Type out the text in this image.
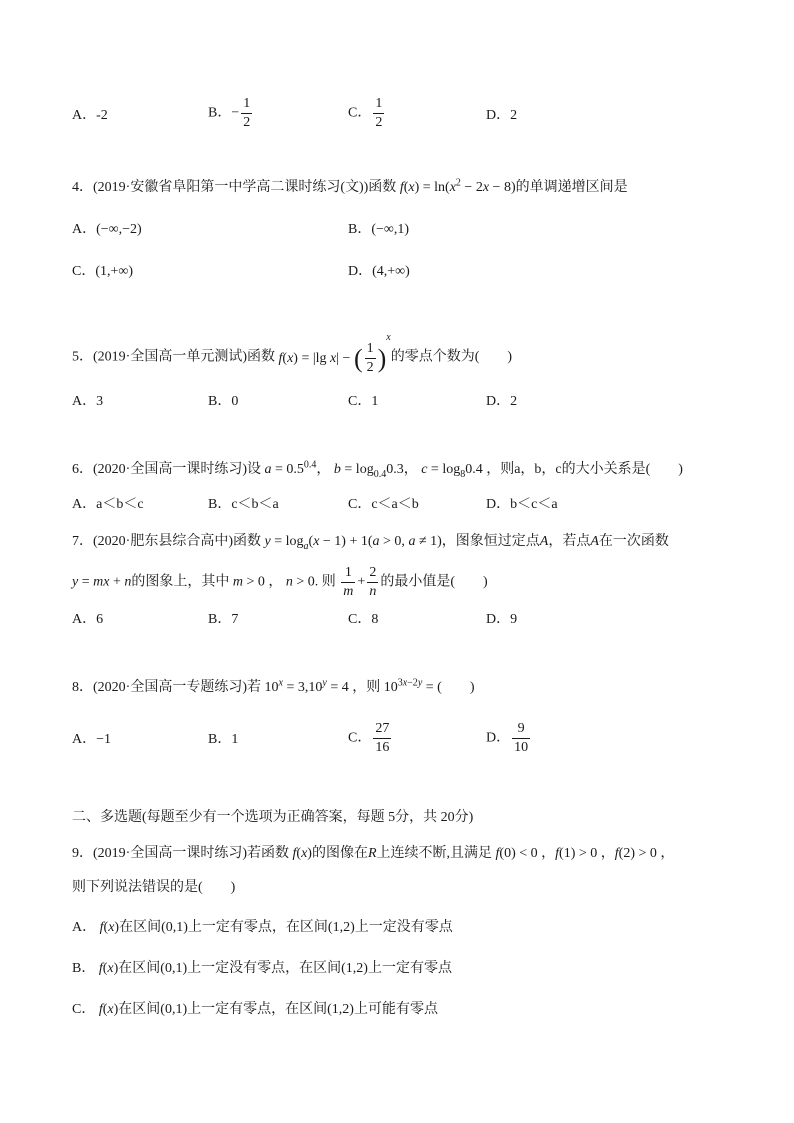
A．-2	B．− $\frac{1}{2}$	C． $\frac{1}{2}$	D．2
4．(2019·安徽省阜阳第一中学高二课时练习(文))函数 $f(x) = \ln(x^2 - 2x - 8)$的单调递增区间是
A．(−∞,−2)	B．(−∞,1)
C．(1,+∞)	D．(4,+∞)
5．(2019·全国高一单元测试)函数 f(x) = |lg x| − ( $\frac{1}{2} )^x$的零点个数为(　　)
A．3	B．0	C．1	D．2
6．(2020·全国高一课时练习)设 $a = 0.5^{0.4}$， $b = \log_{0.4}0.3$， $c = \log_80.4$ ，则a，b，c的大小关系是(　　)
A．a＜b＜c	B．c＜b＜a	C．c＜a＜b	D．b＜c＜a
7．(2020·肥东县综合高中)函数 $y = \log_a(x - 1) + 1(a > 0$, a ≠ 1)，图象恒过定点A，若点A在一次函数
y = mx + n的图象上，其中 m > 0 ， n > 0. 则 $\frac{1}{m} + \frac{2}{n}$ 的最小值是(　　)
A．6	B．7	C．8	D．9
8．(2020·全国高一专题练习)若 $10^x = 3,10^y = 4$ ，则 $10^{3x-2y}$ = (　　)
A．−1	B．1	C． $\frac{27}{16}$	D． $\frac{9}{10}$
二、多选题(每题至少有一个选项为正确答案，每题 5分，共 20分)
9．(2019·全国高一课时练习)若函数 f(x)的图像在R上连续不断,且满足 f(0) < 0 ，f(1) > 0 ，f(2) > 0 ，
则下列说法错误的是(　　)
A． f(x)在区间(0,1)上一定有零点，在区间(1,2)上一定没有零点
B． f(x)在区间(0,1)上一定没有零点，在区间(1,2)上一定有零点
C． f(x)在区间(0,1)上一定有零点，在区间(1,2)上可能有零点
